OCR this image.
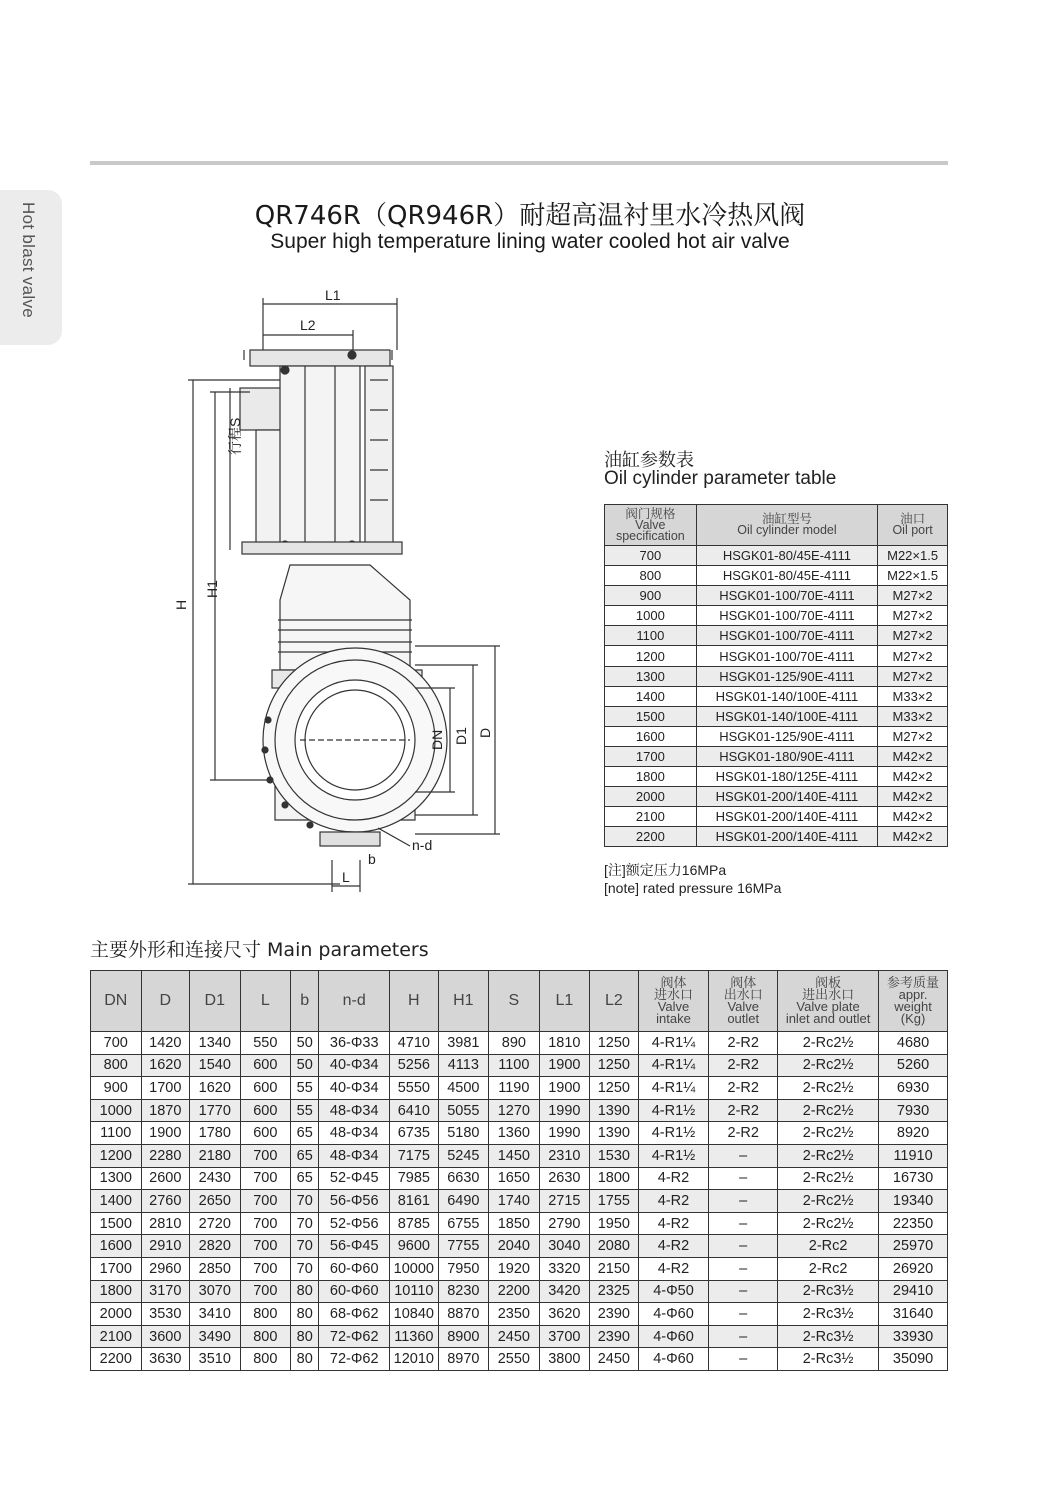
Hot blast valve	QR746R（QR946R）耐超高温衬里水冷热风阀
Super high temperature lining water cooled hot air valve
L1
L2
行程S
H
H1
DN D1 D
n-d
b
L
油缸参数表
Oil cylinder parameter table
阀门规格
Valve
specification	油缸型号
Oil cylinder model	油口
Oil port

700	HSGK01-80/45E-4111	M22×1.5
800	HSGK01-80/45E-4111	M22×1.5
900	HSGK01-100/70E-4111	M27×2
1000	HSGK01-100/70E-4111	M27×2
1100	HSGK01-100/70E-4111	M27×2
1200	HSGK01-100/70E-4111	M27×2
1300	HSGK01-125/90E-4111	M27×2
1400	HSGK01-140/100E-4111	M33×2
1500	HSGK01-140/100E-4111	M33×2
1600	HSGK01-125/90E-4111	M27×2
1700	HSGK01-180/90E-4111	M42×2
1800	HSGK01-180/125E-4111	M42×2
2000	HSGK01-200/140E-4111	M42×2
2100	HSGK01-200/140E-4111	M42×2
2200	HSGK01-200/140E-4111	M42×2
[注]额定压力16MPa
[note] rated pressure 16MPa
主要外形和连接尺寸 Main parameters
DN	D	D1	L	b	n-d	H	H1	S	L1	L2	阀体
进水口
Valve
intake	阀体
出水口
Valve
outlet	阀板
进出水口
Valve plate
inlet and outlet	参考质量
appr.
weight
(Kg)

700	1420	1340	550	50	36-Φ33	4710	3981	890	1810	1250	4-R1¼	2-R2	2-Rc2½	4680
800	1620	1540	600	50	40-Φ34	5256	4113	1100	1900	1250	4-R1¼	2-R2	2-Rc2½	5260
900	1700	1620	600	55	40-Φ34	5550	4500	1190	1900	1250	4-R1¼	2-R2	2-Rc2½	6930
1000	1870	1770	600	55	48-Φ34	6410	5055	1270	1990	1390	4-R1½	2-R2	2-Rc2½	7930
1100	1900	1780	600	65	48-Φ34	6735	5180	1360	1990	1390	4-R1½	2-R2	2-Rc2½	8920
1200	2280	2180	700	65	48-Φ34	7175	5245	1450	2310	1530	4-R1½	–	2-Rc2½	11910
1300	2600	2430	700	65	52-Φ45	7985	6630	1650	2630	1800	4-R2	–	2-Rc2½	16730
1400	2760	2650	700	70	56-Φ56	8161	6490	1740	2715	1755	4-R2	–	2-Rc2½	19340
1500	2810	2720	700	70	52-Φ56	8785	6755	1850	2790	1950	4-R2	–	2-Rc2½	22350
1600	2910	2820	700	70	56-Φ45	9600	7755	2040	3040	2080	4-R2	–	2-Rc2	25970
1700	2960	2850	700	70	60-Φ60	10000	7950	1920	3320	2150	4-R2	–	2-Rc2	26920
1800	3170	3070	700	80	60-Φ60	10110	8230	2200	3420	2325	4-Φ50	–	2-Rc3½	29410
2000	3530	3410	800	80	68-Φ62	10840	8870	2350	3620	2390	4-Φ60	–	2-Rc3½	31640
2100	3600	3490	800	80	72-Φ62	11360	8900	2450	3700	2390	4-Φ60	–	2-Rc3½	33930
2200	3630	3510	800	80	72-Φ62	12010	8970	2550	3800	2450	4-Φ60	–	2-Rc3½	35090
